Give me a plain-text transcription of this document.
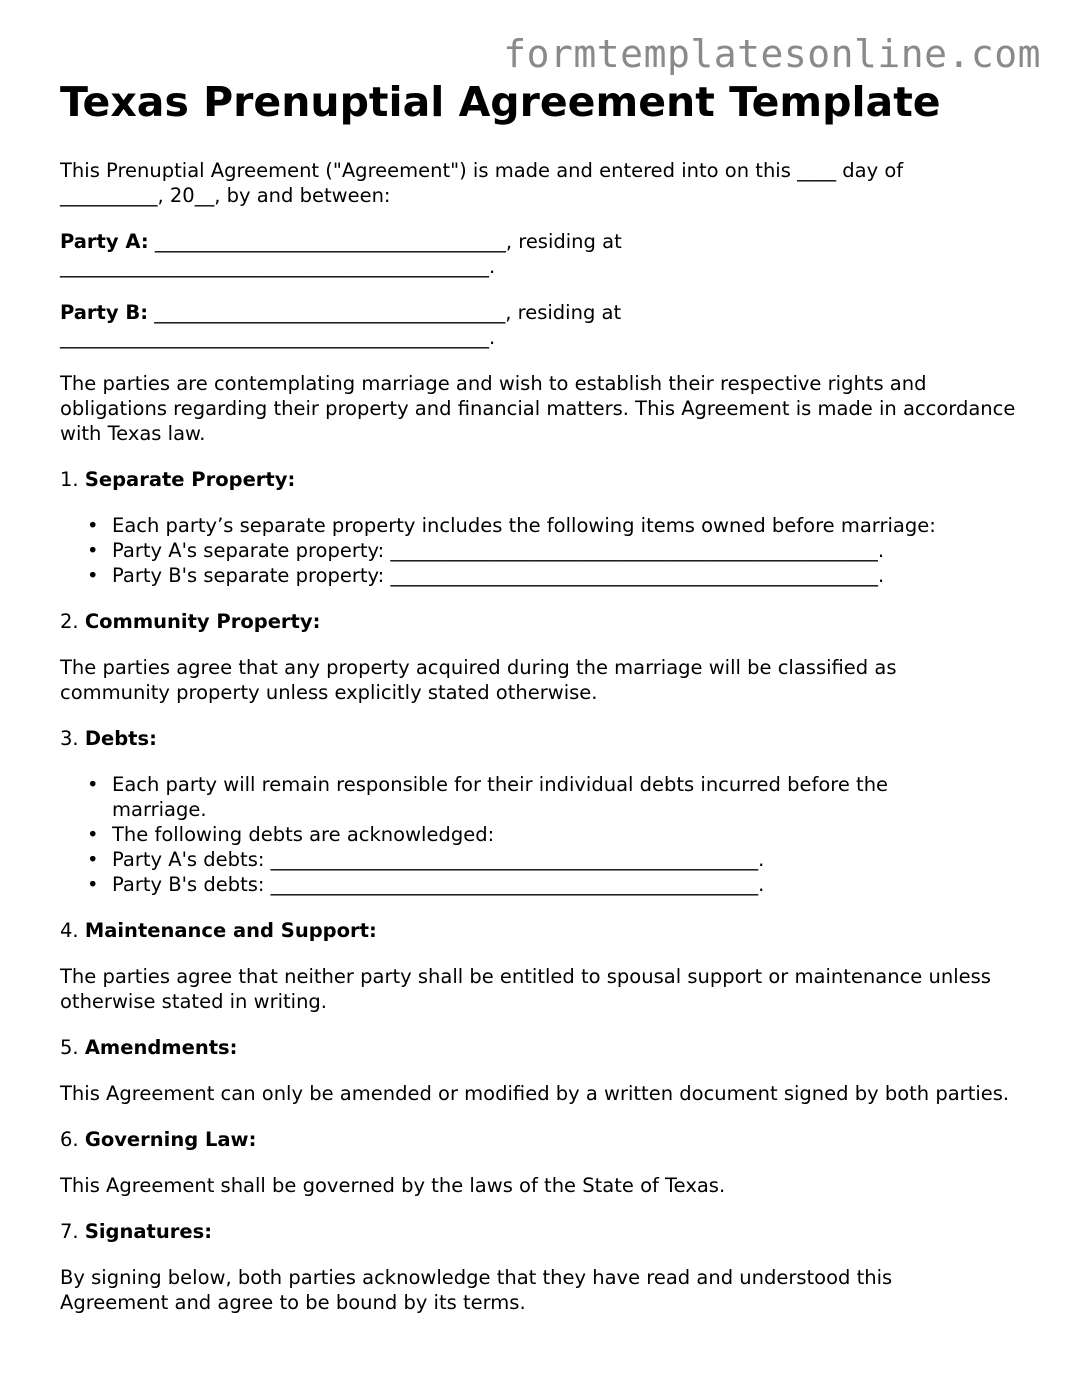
formtemplatesonline.com
Texas Prenuptial Agreement Template

This Prenuptial Agreement ("Agreement") is made and entered into on this ____ day of
__________, 20__, by and between:

Party A: ____________________________________, residing at
____________________________________________.

Party B: ____________________________________, residing at
____________________________________________.

The parties are contemplating marriage and wish to establish their respective rights and obligations regarding their property and financial matters. This Agreement is made in accordance with Texas law.

1. Separate Property:
• Each party’s separate property includes the following items owned before marriage:
• Party A's separate property: __________________________________________________.
• Party B's separate property: __________________________________________________.
2. Community Property:

The parties agree that any property acquired during the marriage will be classified as community property unless explicitly stated otherwise.

3. Debts:
• Each party will remain responsible for their individual debts incurred before the marriage.
• The following debts are acknowledged:
• Party A's debts: __________________________________________________.
• Party B's debts: __________________________________________________.
4. Maintenance and Support:

The parties agree that neither party shall be entitled to spousal support or maintenance unless otherwise stated in writing.

5. Amendments:

This Agreement can only be amended or modified by a written document signed by both parties.

6. Governing Law:

This Agreement shall be governed by the laws of the State of Texas.

7. Signatures:

By signing below, both parties acknowledge that they have read and understood this Agreement and agree to be bound by its terms.
